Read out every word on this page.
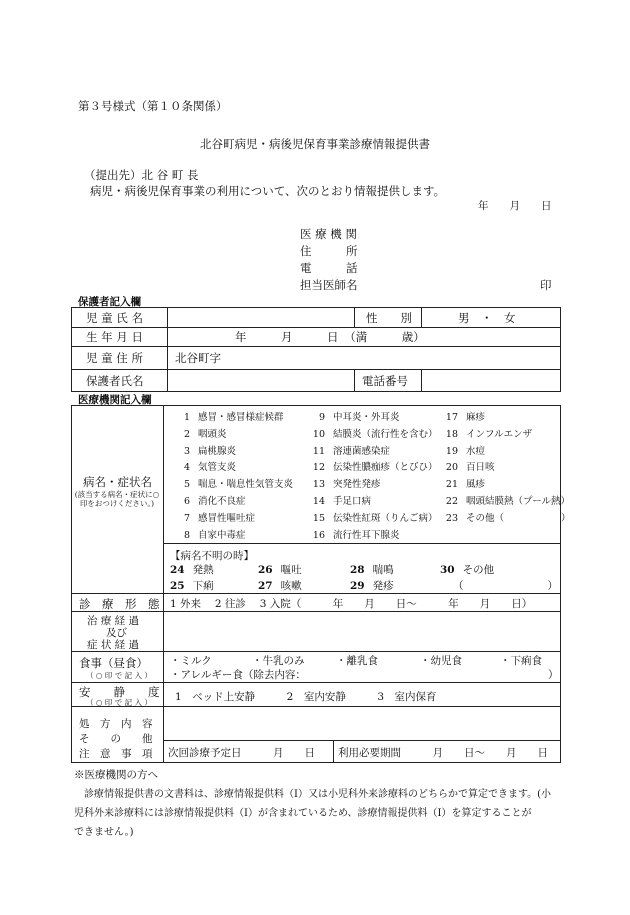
第３号様式（第１０条関係）
北谷町病児・病後児保育事業診療情報提供書
（提出先）北 谷 町 長
病児・病後児保育事業の利用について、次のとおり情報提供します。
年　　月　　日
医 療 機 関
住　　　所
電　　　話
担当医師名	印
保護者記入欄
児 童 氏 名	性　　別	男　・　女
生 年 月 日	年　　　月　　　日　（満　　　歳）
児 童 住 所	北谷町字
保護者氏名	電話番号
医療機関記入欄
病名・症状名
(該当する病名・症状に○印をおつけください。)
1 感冒・感冒様症候群
2 咽頭炎
3 扁桃腺炎
4 気管支炎
5 喘息・喘息性気管支炎
6 消化不良症
7 感冒性嘔吐症
8 自家中毒症
9 中耳炎・外耳炎
10 結膜炎（流行性を含む）
11 溶連菌感染症
12 伝染性膿痂疹（とびひ）
13 突発性発疹
14 手足口病
15 伝染性紅斑（りんご病）
16 流行性耳下腺炎
17 麻疹
18 インフルエンザ
19 水痘
20 百日咳
21 風疹
22 咽頭結膜熱（プール熱）
23 その他（　　　　　　）
【病名不明の時】
24 発熱	26 嘔吐	28 喘鳴	30 その他
25 下痢	27 咳嗽	29 発疹	（　　　　　　　　）
診　療　形　態 1 外来　 2 往診　 3 入院（　　　年　　月　　日～　　　年　　月　　日）
治 療 経 過
及び
症 状 経 過
食事（昼食）
（ ○ 印 で 記 入 ）
・ミルク	・牛乳のみ	・離乳食	・幼児食	・下痢食
・アレルギー食（除去内容：	）
安　　静　　度
（ ○ 印 で 記 入 ） 1　ベッド上安静　　　2　室内安静　　　3　室内保育
処　方　内　容
そ　　の　　他
注　意　事　項 次回診療予定日　　　月　　日 利用必要期間　　　月　　日～　　月　　日
※医療機関の方へ
　診療情報提供書の文書料は、診療情報提供料（Ⅰ）又は小児科外来診療料のどちらかで算定できます。(小
児科外来診療料には診療情報提供料（Ⅰ）が含まれているため、診療情報提供料（Ⅰ）を算定することが
できません。)
